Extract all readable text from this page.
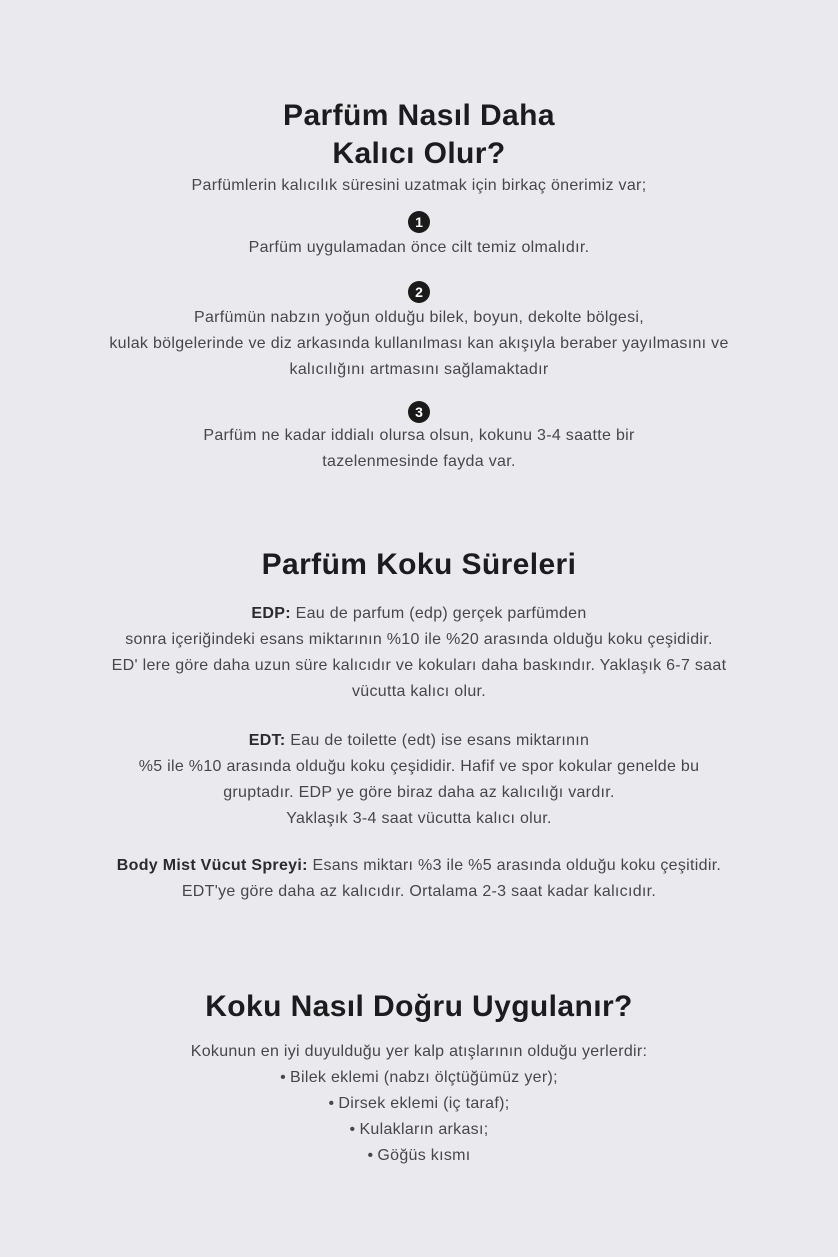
Parfüm Nasıl Daha
Kalıcı Olur?

Parfümlerin kalıcılık süresini uzatmak için birkaç önerimiz var;

1
Parfüm uygulamadan önce cilt temiz olmalıdır.
2
Parfümün nabzın yoğun olduğu bilek, boyun, dekolte bölgesi,
kulak bölgelerinde ve diz arkasında kullanılması kan akışıyla beraber yayılmasını ve
kalıcılığını artmasını sağlamaktadır
3
Parfüm ne kadar iddialı olursa olsun, kokunu 3-4 saatte bir
tazelenmesinde fayda var.
Parfüm Koku Süreleri
EDP: Eau de parfum (edp) gerçek parfümden
sonra içeriğindeki esans miktarının %10 ile %20 arasında olduğu koku çeşididir.
ED' lere göre daha uzun süre kalıcıdır ve kokuları daha baskındır. Yaklaşık 6-7 saat
vücutta kalıcı olur.
EDT: Eau de toilette (edt) ise esans miktarının
%5 ile %10 arasında olduğu koku çeşididir. Hafif ve spor kokular genelde bu
gruptadır. EDP ye göre biraz daha az kalıcılığı vardır.
Yaklaşık 3-4 saat vücutta kalıcı olur.
Body Mist Vücut Spreyi: Esans miktarı %3 ile %5 arasında olduğu koku çeşitidir.
EDT'ye göre daha az kalıcıdır. Ortalama 2-3 saat kadar kalıcıdır.
Koku Nasıl Doğru Uygulanır?

Kokunun en iyi duyulduğu yer kalp atışlarının olduğu yerlerdir:

• Bilek eklemi (nabzı ölçtüğümüz yer);
• Dirsek eklemi (iç taraf);
• Kulakların arkası;
• Göğüs kısmı
